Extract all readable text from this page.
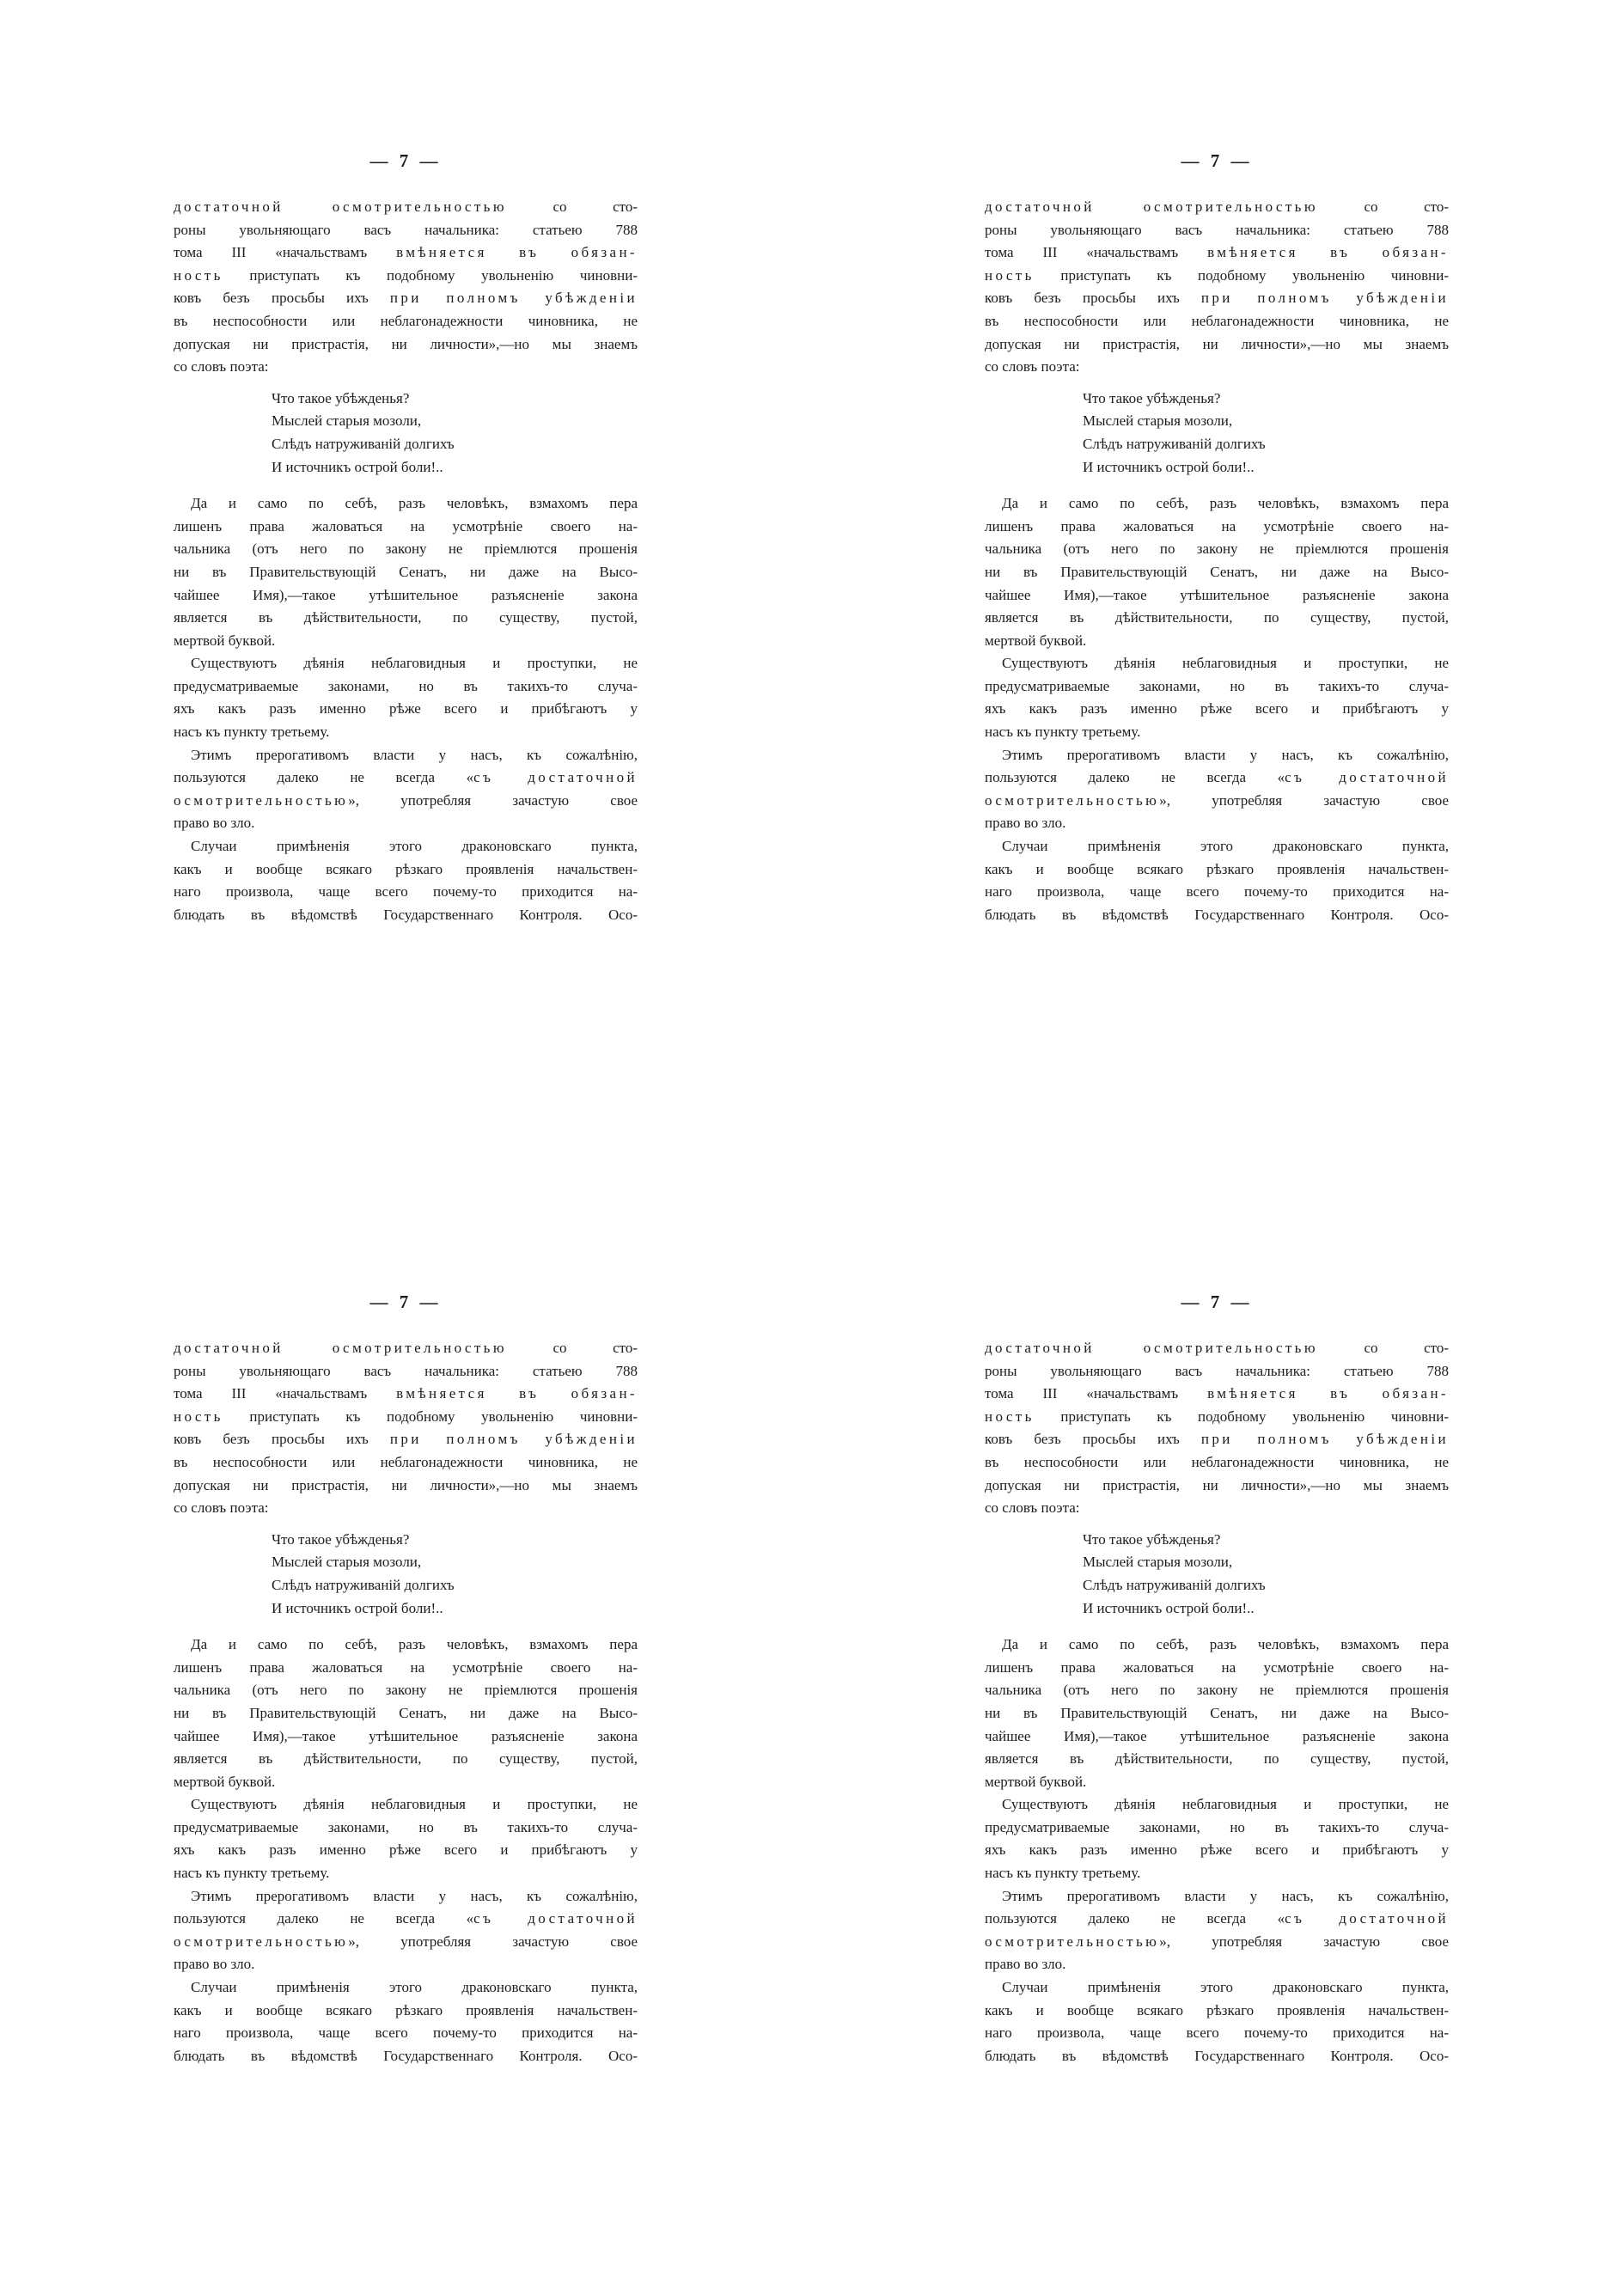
— 7 —
достаточной осмотрительностью со сто-
роны увольняющаго васъ начальника: статьею 788
тома III «начальствамъ вмѣняется въ обязан-
ность приступать къ подобному увольненію чиновни-
ковъ безъ просьбы ихъ при полномъ убѣжденіи
въ неспособности или неблагонадежности чиновника, не
допуская ни пристрастія, ни личности»,—но мы знаемъ
со словъ поэта:
Что такое убѣжденья?
Мыслей старыя мозоли,
Слѣдъ натруживаній долгихъ
И источникъ острой боли!..
Да и само по себѣ, разъ человѣкъ, взмахомъ пера
лишенъ права жаловаться на усмотрѣніе своего на-
чальника (отъ него по закону не пріемлются прошенія
ни въ Правительствующій Сенатъ, ни даже на Высо-
чайшее Имя),—такое утѣшительное разъясненіе закона
является въ дѣйствительности, по существу, пустой,
мертвой буквой.
Существуютъ дѣянія неблаговидныя и проступки, не
предусматриваемые законами, но въ такихъ-то случа-
яхъ какъ разъ именно рѣже всего и прибѣгаютъ у
насъ къ пункту третьему.
Этимъ прерогативомъ власти у насъ, къ сожалѣнію,
пользуются далеко не всегда «съ достаточной
осмотрительностью», употребляя зачастую свое
право во зло.
Случаи примѣненія этого драконовскаго пункта,
какъ и вообще всякаго рѣзкаго проявленія начальствен-
наго произвола, чаще всего почему-то приходится на-
блюдать въ вѣдомствѣ Государственнаго Контроля. Осо-
— 7 —
достаточной осмотрительностью со сто-
роны увольняющаго васъ начальника: статьею 788
тома III «начальствамъ вмѣняется въ обязан-
ность приступать къ подобному увольненію чиновни-
ковъ безъ просьбы ихъ при полномъ убѣжденіи
въ неспособности или неблагонадежности чиновника, не
допуская ни пристрастія, ни личности»,—но мы знаемъ
со словъ поэта:
Что такое убѣжденья?
Мыслей старыя мозоли,
Слѣдъ натруживаній долгихъ
И источникъ острой боли!..
Да и само по себѣ, разъ человѣкъ, взмахомъ пера
лишенъ права жаловаться на усмотрѣніе своего на-
чальника (отъ него по закону не пріемлются прошенія
ни въ Правительствующій Сенатъ, ни даже на Высо-
чайшее Имя),—такое утѣшительное разъясненіе закона
является въ дѣйствительности, по существу, пустой,
мертвой буквой.
Существуютъ дѣянія неблаговидныя и проступки, не
предусматриваемые законами, но въ такихъ-то случа-
яхъ какъ разъ именно рѣже всего и прибѣгаютъ у
насъ къ пункту третьему.
Этимъ прерогативомъ власти у насъ, къ сожалѣнію,
пользуются далеко не всегда «съ достаточной
осмотрительностью», употребляя зачастую свое
право во зло.
Случаи примѣненія этого драконовскаго пункта,
какъ и вообще всякаго рѣзкаго проявленія начальствен-
наго произвола, чаще всего почему-то приходится на-
блюдать въ вѣдомствѣ Государственнаго Контроля. Осо-
— 7 —
достаточной осмотрительностью со сто-
роны увольняющаго васъ начальника: статьею 788
тома III «начальствамъ вмѣняется въ обязан-
ность приступать къ подобному увольненію чиновни-
ковъ безъ просьбы ихъ при полномъ убѣжденіи
въ неспособности или неблагонадежности чиновника, не
допуская ни пристрастія, ни личности»,—но мы знаемъ
со словъ поэта:
Что такое убѣжденья?
Мыслей старыя мозоли,
Слѣдъ натруживаній долгихъ
И источникъ острой боли!..
Да и само по себѣ, разъ человѣкъ, взмахомъ пера
лишенъ права жаловаться на усмотрѣніе своего на-
чальника (отъ него по закону не пріемлются прошенія
ни въ Правительствующій Сенатъ, ни даже на Высо-
чайшее Имя),—такое утѣшительное разъясненіе закона
является въ дѣйствительности, по существу, пустой,
мертвой буквой.
Существуютъ дѣянія неблаговидныя и проступки, не
предусматриваемые законами, но въ такихъ-то случа-
яхъ какъ разъ именно рѣже всего и прибѣгаютъ у
насъ къ пункту третьему.
Этимъ прерогативомъ власти у насъ, къ сожалѣнію,
пользуются далеко не всегда «съ достаточной
осмотрительностью», употребляя зачастую свое
право во зло.
Случаи примѣненія этого драконовскаго пункта,
какъ и вообще всякаго рѣзкаго проявленія начальствен-
наго произвола, чаще всего почему-то приходится на-
блюдать въ вѣдомствѣ Государственнаго Контроля. Осо-
— 7 —
достаточной осмотрительностью со сто-
роны увольняющаго васъ начальника: статьею 788
тома III «начальствамъ вмѣняется въ обязан-
ность приступать къ подобному увольненію чиновни-
ковъ безъ просьбы ихъ при полномъ убѣжденіи
въ неспособности или неблагонадежности чиновника, не
допуская ни пристрастія, ни личности»,—но мы знаемъ
со словъ поэта:
Что такое убѣжденья?
Мыслей старыя мозоли,
Слѣдъ натруживаній долгихъ
И источникъ острой боли!..
Да и само по себѣ, разъ человѣкъ, взмахомъ пера
лишенъ права жаловаться на усмотрѣніе своего на-
чальника (отъ него по закону не пріемлются прошенія
ни въ Правительствующій Сенатъ, ни даже на Высо-
чайшее Имя),—такое утѣшительное разъясненіе закона
является въ дѣйствительности, по существу, пустой,
мертвой буквой.
Существуютъ дѣянія неблаговидныя и проступки, не
предусматриваемые законами, но въ такихъ-то случа-
яхъ какъ разъ именно рѣже всего и прибѣгаютъ у
насъ къ пункту третьему.
Этимъ прерогативомъ власти у насъ, къ сожалѣнію,
пользуются далеко не всегда «съ достаточной
осмотрительностью», употребляя зачастую свое
право во зло.
Случаи примѣненія этого драконовскаго пункта,
какъ и вообще всякаго рѣзкаго проявленія начальствен-
наго произвола, чаще всего почему-то приходится на-
блюдать въ вѣдомствѣ Государственнаго Контроля. Осо-
